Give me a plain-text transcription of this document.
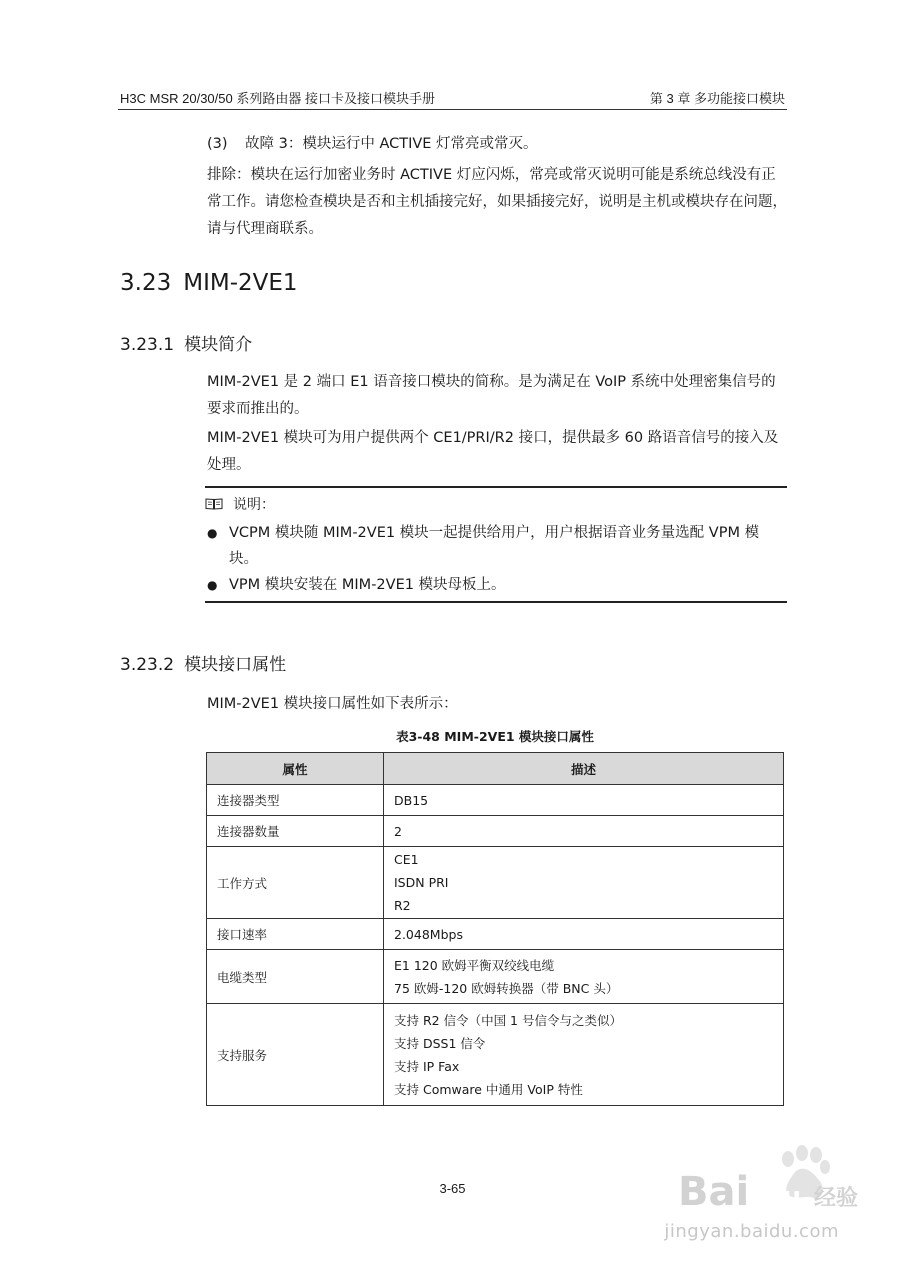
H3C MSR 20/30/50 系列路由器 接口卡及接口模块手册	第 3 章 多功能接口模块
(3) 故障 3：模块运行中 ACTIVE 灯常亮或常灭。
排除：模块在运行加密业务时 ACTIVE 灯应闪烁，常亮或常灭说明可能是系统总线没有正常工作。请您检查模块是否和主机插接完好，如果插接完好，说明是主机或模块存在问题，请与代理商联系。
3.23 MIM-2VE1
3.23.1 模块简介
MIM-2VE1 是 2 端口 E1 语音接口模块的简称。是为满足在 VoIP 系统中处理密集信号的要求而推出的。
MIM-2VE1 模块可为用户提供两个 CE1/PRI/R2 接口，提供最多 60 路语音信号的接入及处理。
说明：
● VCPM 模块随 MIM-2VE1 模块一起提供给用户，用户根据语音业务量选配 VPM 模块。
● VPM 模块安装在 MIM-2VE1 模块母板上。
3.23.2 模块接口属性
MIM-2VE1 模块接口属性如下表所示：
表3-48 MIM-2VE1 模块接口属性
属性	描述
连接器类型	DB15

连接器数量	2

工作方式	CE1
ISDN PRI
R2

接口速率	2.048Mbps

电缆类型	E1 120 欧姆平衡双绞线电缆
75 欧姆-120 欧姆转换器（带 BNC 头）

支持服务	支持 R2 信令（中国 1 号信令与之类似）
支持 DSS1 信令
支持 IP Fax
支持 Comware 中通用 VoIP 特性
3-65	Bai du 经验
jingyan.baidu.com
